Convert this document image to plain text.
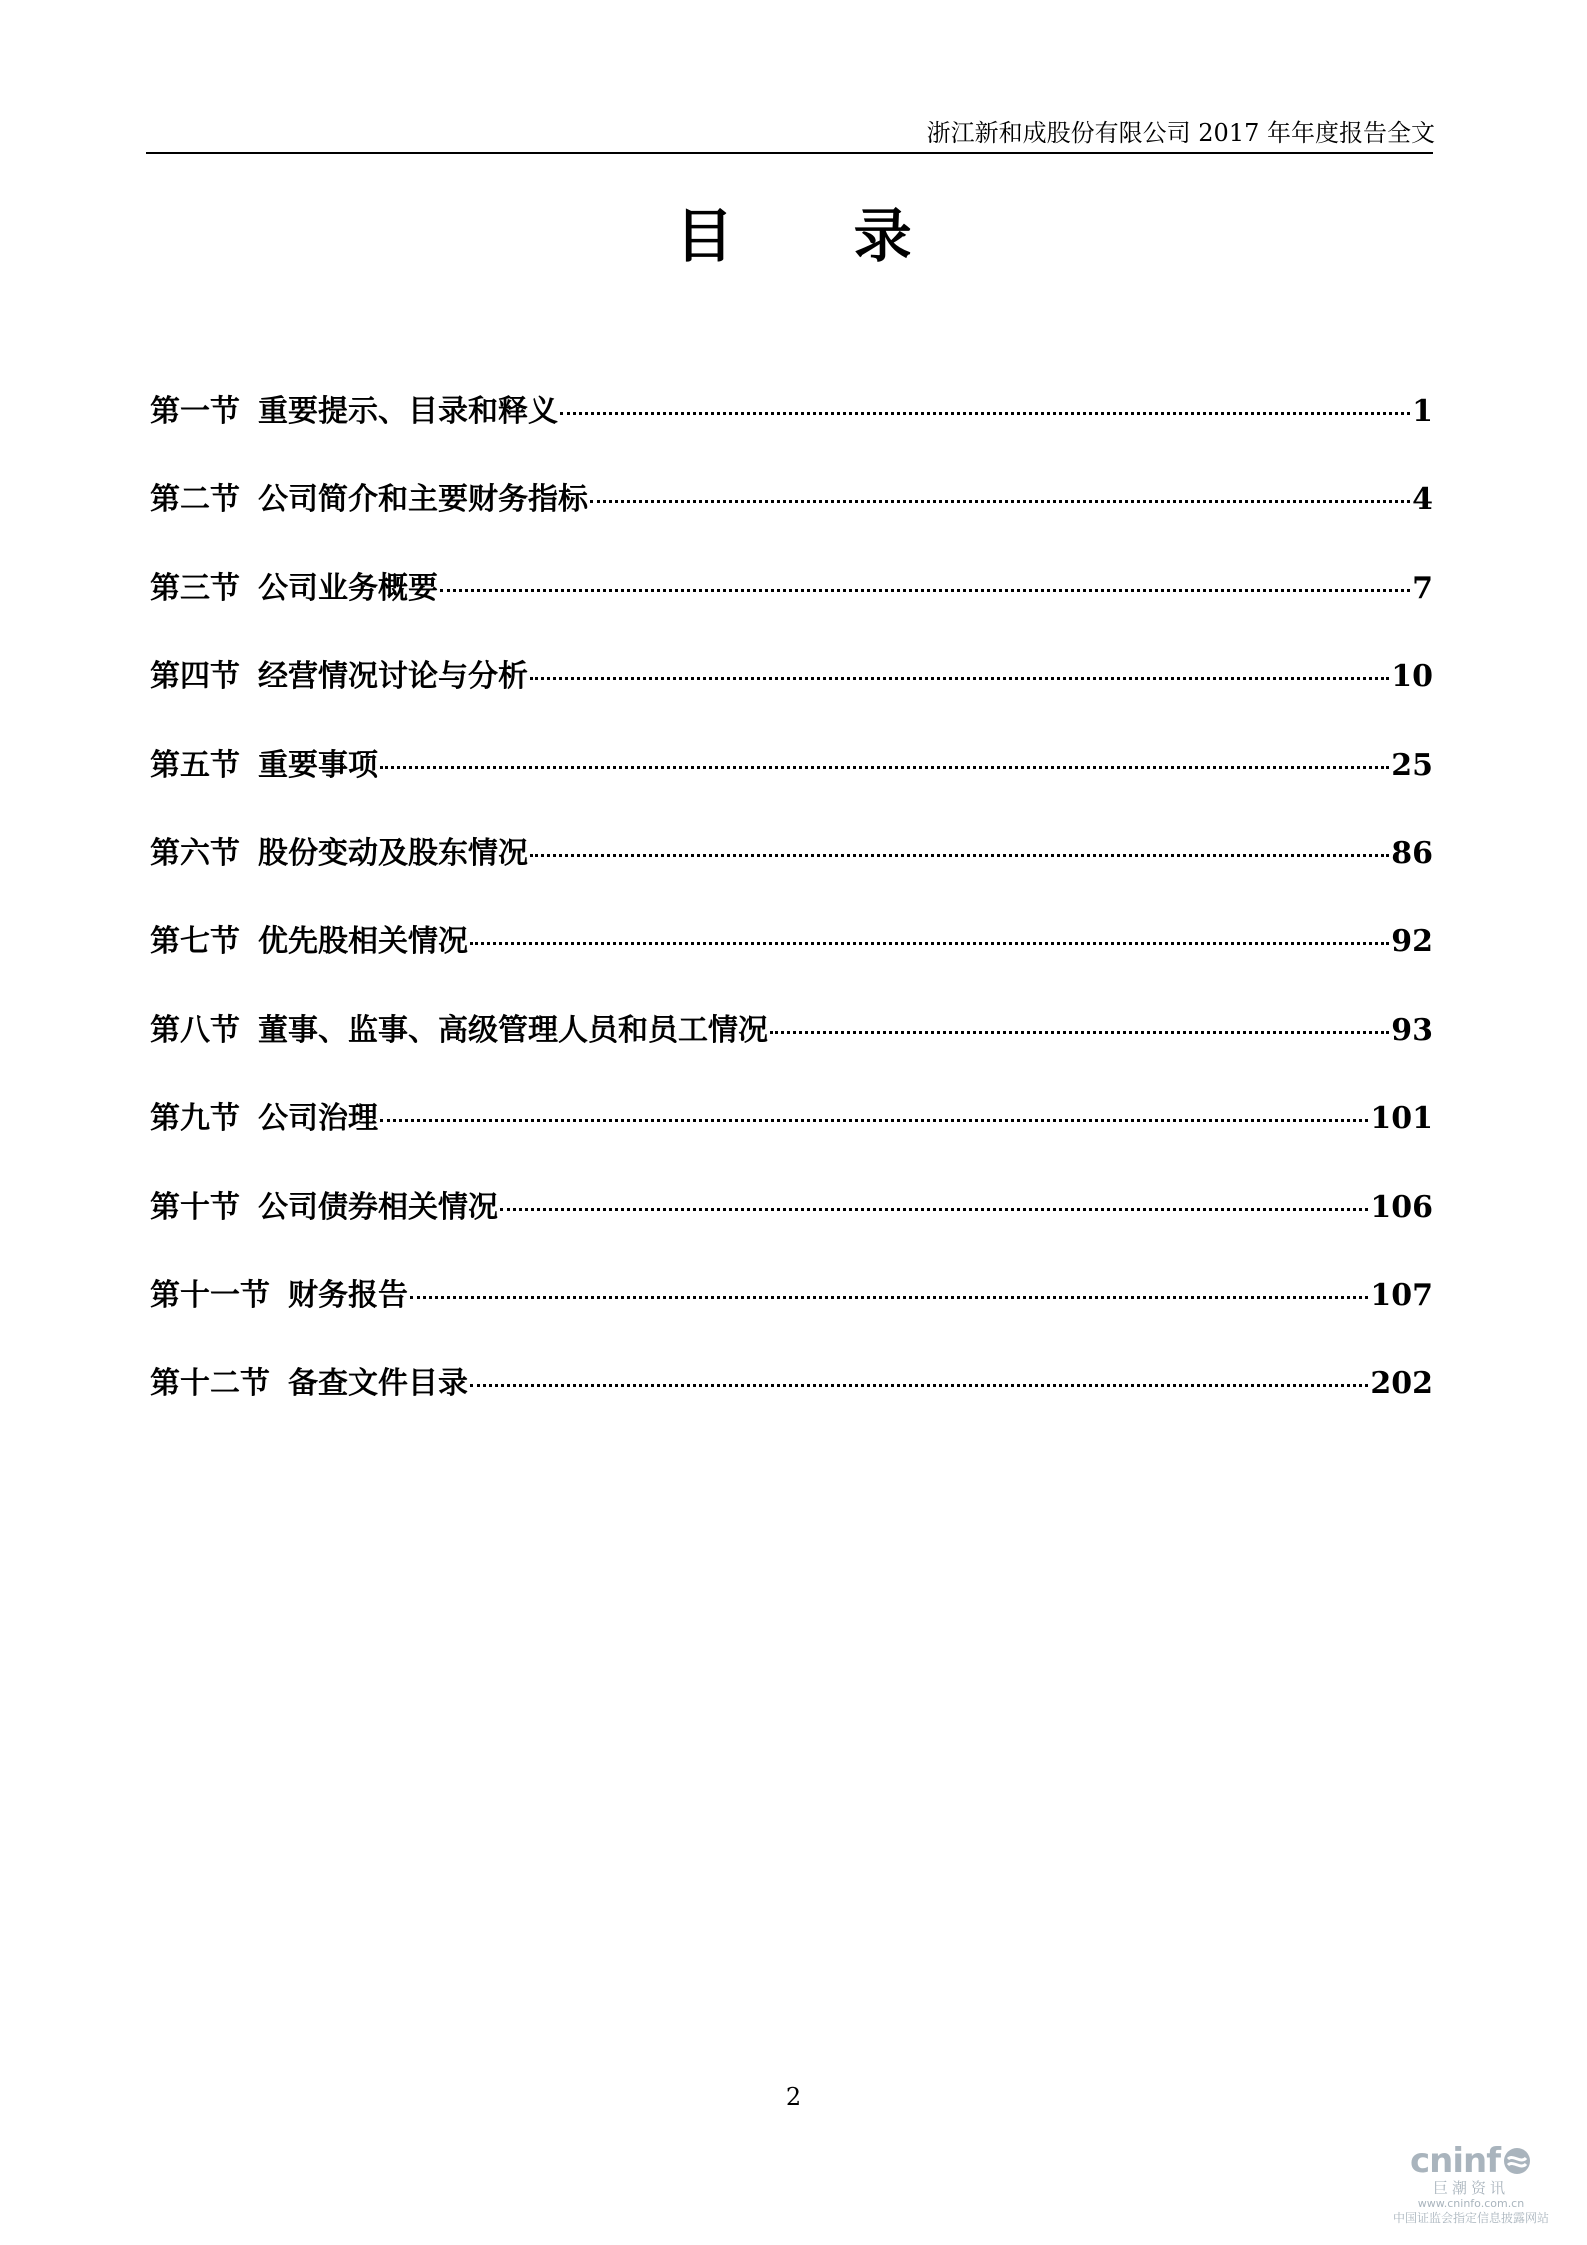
浙江新和成股份有限公司 2017 年年度报告全文
目 录
第一节 重要提示、目录和释义	1
第二节 公司简介和主要财务指标	4
第三节 公司业务概要	7
第四节 经营情况讨论与分析	10
第五节 重要事项	25
第六节 股份变动及股东情况	86
第七节 优先股相关情况	92
第八节 董事、监事、高级管理人员和员工情况	93
第九节 公司治理	101
第十节 公司债券相关情况	106
第十一节 财务报告	107
第十二节 备查文件目录	202
2
cninf
巨潮资讯
www.cninfo.com.cn
中国证监会指定信息披露网站
